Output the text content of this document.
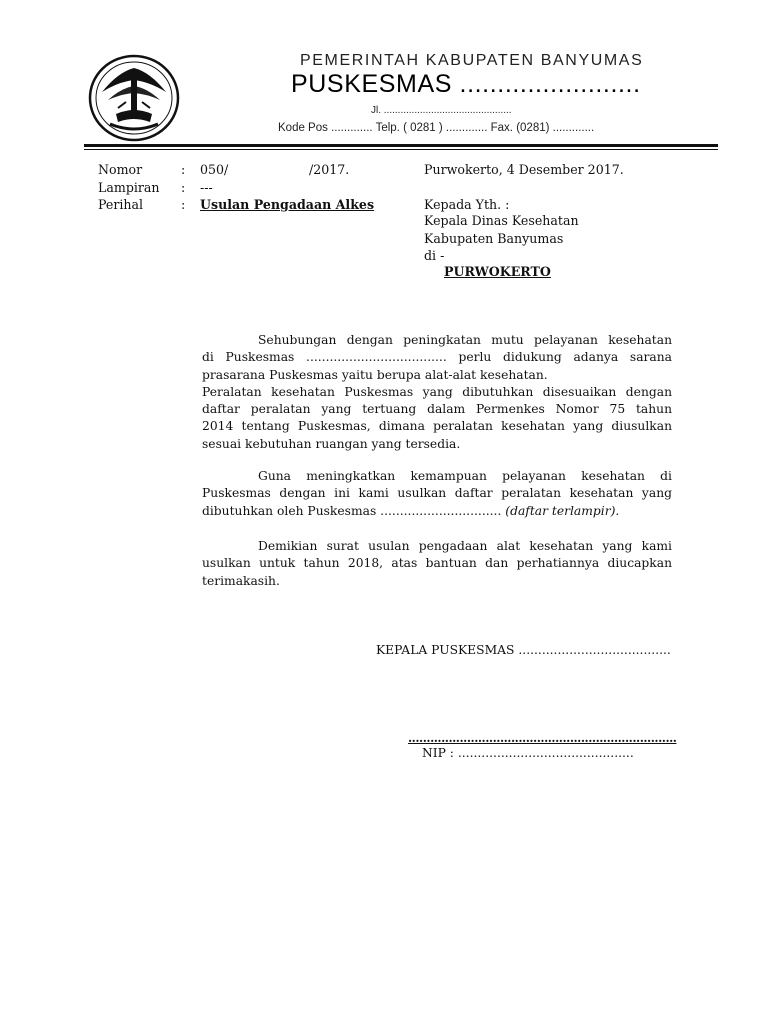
PEMERINTAH KABUPATEN BANYUMAS
PUSKESMAS ........................
Jl. ..............................................
Kode Pos ............. Telp. ( 0281 ) ............. Fax. (0281) .............
Nomor	: 050/	/2017.
Lampiran : ---
Perihal	: Usulan Pengadaan Alkes
Purwokerto, 4 Desember 2017.
Kepada Yth. :
Kepala Dinas Kesehatan
Kabupaten Banyumas
di -
PURWOKERTO
Sehubungan dengan peningkatan mutu pelayanan kesehatan
di Puskesmas .................................... perlu didukung adanya sarana
prasarana Puskesmas yaitu berupa alat-alat kesehatan.
Peralatan kesehatan Puskesmas yang dibutuhkan disesuaikan dengan
daftar peralatan yang tertuang dalam Permenkes Nomor 75 tahun
2014 tentang Puskesmas, dimana peralatan kesehatan yang diusulkan
sesuai kebutuhan ruangan yang tersedia.
Guna meningkatkan kemampuan pelayanan kesehatan di
Puskesmas dengan ini kami usulkan daftar peralatan kesehatan yang
dibutuhkan oleh Puskesmas ............................... (daftar terlampir).
Demikian surat usulan pengadaan alat kesehatan yang kami
usulkan untuk tahun 2018, atas bantuan dan perhatiannya diucapkan
terimakasih.
KEPALA PUSKESMAS .......................................
.........................................................................
NIP : .............................................
